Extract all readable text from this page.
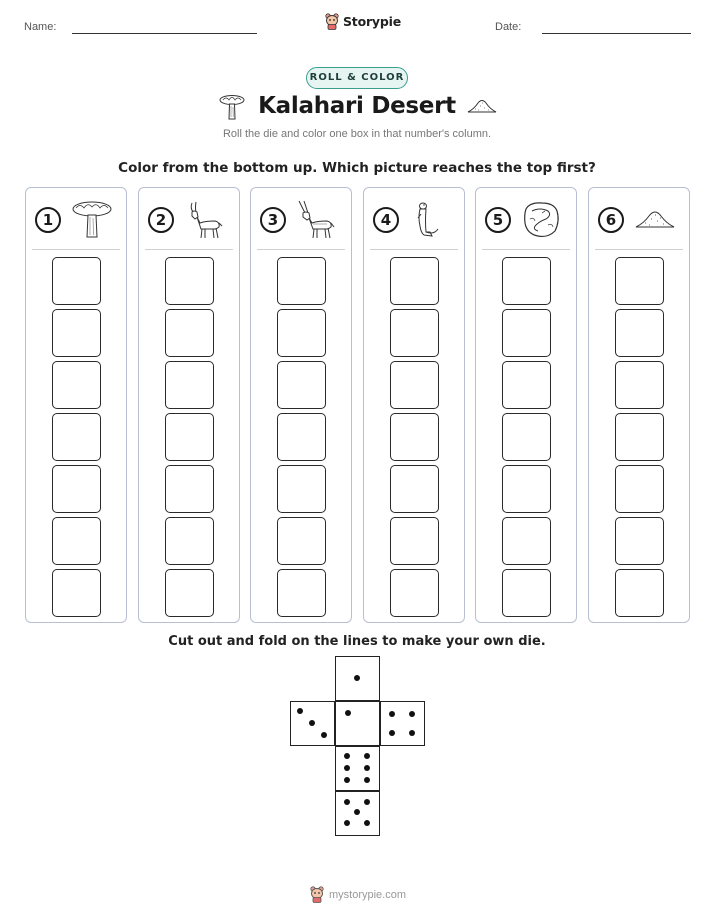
Name:	Storypie	Date:
ROLL & COLOR
Kalahari Desert
Roll the die and color one box in that number's column.
Color from the bottom up. Which picture reaches the top first?
1	2	3	4	5	6
Cut out and fold on the lines to make your own die.
mystorypie.com
